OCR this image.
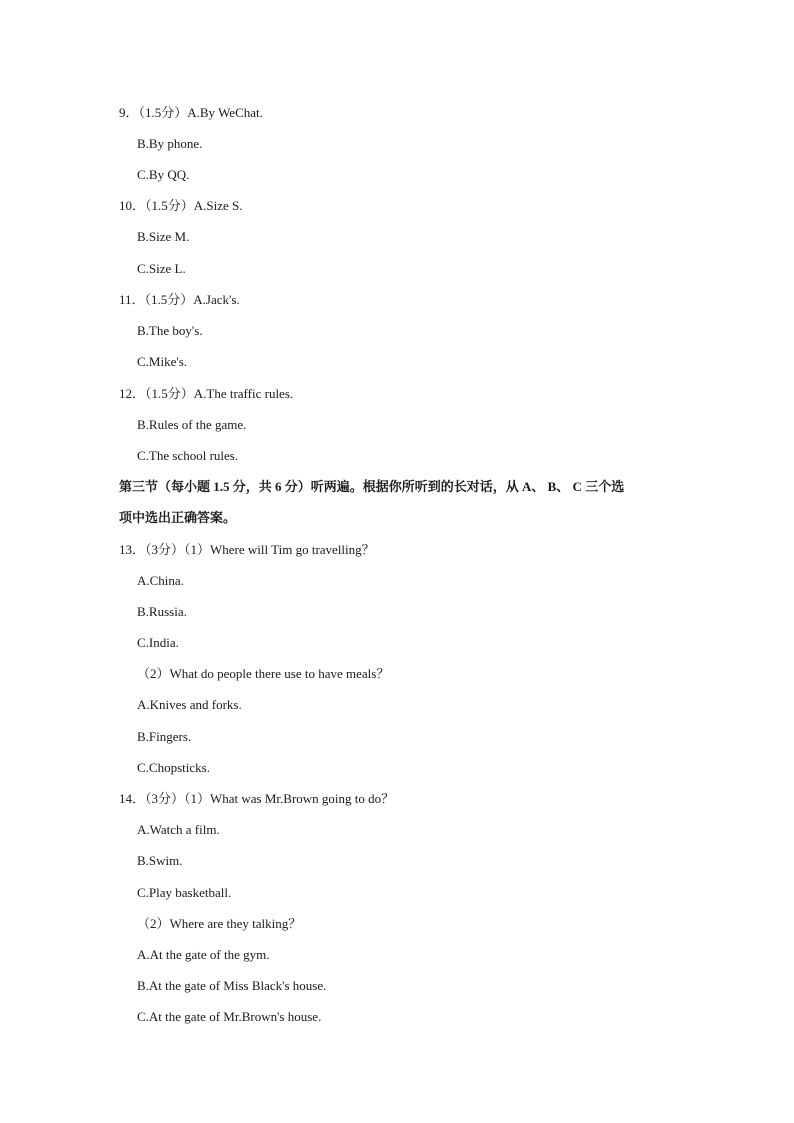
9．（1.5分）A.By WeChat.
B.By phone.
C.By QQ.
10．（1.5分）A.Size S.
B.Size M.
C.Size L.
11．（1.5分）A.Jack's.
B.The boy's.
C.Mike's.
12．（1.5分）A.The traffic rules.
B.Rules of the game.
C.The school rules.
第三节（每小题 1.5 分，共 6 分）听两遍。根据你所听到的长对话，从 A、 B、 C 三个选
项中选出正确答案。
13．（3分）（1）Where will Tim go travelling？
A.China.
B.Russia.
C.India.
（2）What do people there use to have meals？
A.Knives and forks.
B.Fingers.
C.Chopsticks.
14．（3分）（1）What was Mr.Brown going to do？
A.Watch a film.
B.Swim.
C.Play basketball.
（2）Where are they talking？
A.At the gate of the gym.
B.At the gate of Miss Black's house.
C.At the gate of Mr.Brown's house.
